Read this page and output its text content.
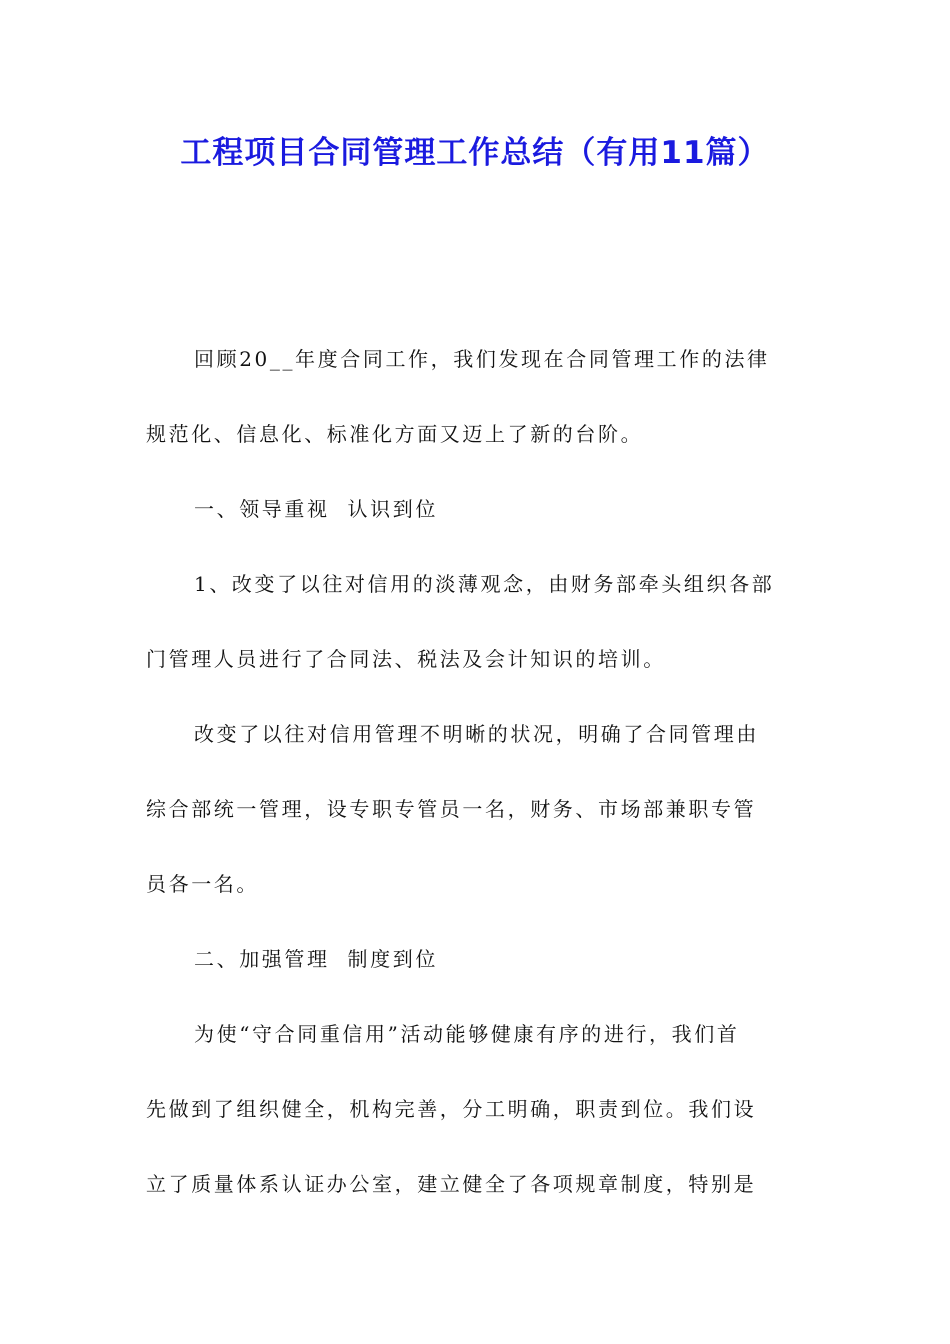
工程项目合同管理工作总结（有用11篇）
回顾20__年度合同工作，我们发现在合同管理工作的法律
规范化、信息化、标准化方面又迈上了新的台阶。
一、领导重视  认识到位
1、改变了以往对信用的淡薄观念，由财务部牵头组织各部
门管理人员进行了合同法、税法及会计知识的培训。
改变了以往对信用管理不明晰的状况，明确了合同管理由
综合部统一管理，设专职专管员一名，财务、市场部兼职专管
员各一名。
二、加强管理  制度到位
为使“守合同重信用”活动能够健康有序的进行，我们首
先做到了组织健全，机构完善，分工明确，职责到位。我们设
立了质量体系认证办公室，建立健全了各项规章制度，特别是
